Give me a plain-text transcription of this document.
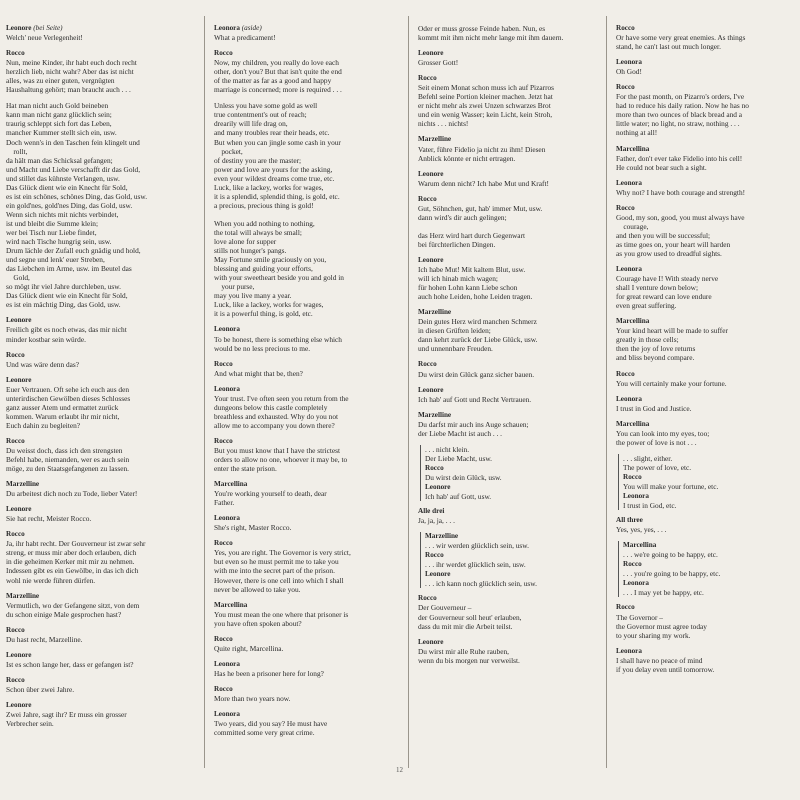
Leonore (bei Seite)
Welch' neue Verlegenheit!
Rocco
Nun, meine Kinder, ihr habt euch doch recht
herzlich lieb, nicht wahr? Aber das ist nicht
alles, was zu einer guten, vergnügten
Haushaltung gehört; man braucht auch . . .
Hat man nicht auch Gold beineben
kann man nicht ganz glücklich sein;
traurig schleppt sich fort das Leben,
mancher Kummer stellt sich ein, usw.
Doch wenn's in den Taschen fein klingelt und
rollt,
da hält man das Schicksal gefangen;
und Macht und Liebe verschafft dir das Gold,
und stillet das kühnste Verlangen, usw.
Das Glück dient wie ein Knecht für Sold,
es ist ein schönes, schönes Ding, das Gold, usw.
ein gold'nes, gold'nes Ding, das Gold, usw.
Wenn sich nichts mit nichts verbindet,
ist und bleibt die Summe klein;
wer bei Tisch nur Liebe findet,
wird nach Tische hungrig sein, usw.
Drum lächle der Zufall euch gnädig und hold,
und segne und lenk' euer Streben,
das Liebchen im Arme, usw. im Beutel das
Gold,
so mögt ihr viel Jahre durchleben, usw.
Das Glück dient wie ein Knecht für Sold,
es ist ein mächtig Ding, das Gold, usw.
Leonore
Freilich gibt es noch etwas, das mir nicht
minder kostbar sein würde.
Rocco
Und was wäre denn das?
Leonore
Euer Vertrauen. Oft sehe ich euch aus den
unterirdischen Gewölben dieses Schlosses
ganz ausser Atem und ermattet zurück
kommen. Warum erlaubt ihr mir nicht,
Euch dahin zu begleiten?
Rocco
Du weisst doch, dass ich den strengsten
Befehl habe, niemanden, wer es auch sein
möge, zu den Staatsgefangenen zu lassen.
Marzelline
Du arbeitest dich noch zu Tode, lieber Vater!
Leonore
Sie hat recht, Meister Rocco.
Rocco
Ja, ihr habt recht. Der Gouverneur ist zwar sehr
streng, er muss mir aber doch erlauben, dich
in die geheimen Kerker mit mir zu nehmen.
Indessen gibt es ein Gewölbe, in das ich dich
wohl nie werde führen dürfen.
Marzelline
Vermutlich, wo der Gefangene sitzt, von dem
du schon einige Male gesprochen hast?
Rocco
Du hast recht, Marzelline.
Leonore
Ist es schon lange her, dass er gefangen ist?
Rocco
Schon über zwei Jahre.
Leonore
Zwei Jahre, sagt ihr? Er muss ein grosser
Verbrecher sein.
Leonora (aside)
What a predicament!
Rocco
Now, my children, you really do love each
other, don't you? But that isn't quite the end
of the matter as far as a good and happy
marriage is concerned; more is required . . .
Unless you have some gold as well
true contentment's out of reach;
drearily will life drag on,
and many troubles rear their heads, etc.
But when you can jingle some cash in your
pocket,
of destiny you are the master;
power and love are yours for the asking,
even your wildest dreams come true, etc.
Luck, like a lackey, works for wages,
it is a splendid, splendid thing, is gold, etc.
a precious, precious thing is gold!

When you add nothing to nothing,
the total will always be small;
love alone for supper
stills not hunger's pangs.
May Fortune smile graciously on you,
blessing and guiding your efforts,
with your sweetheart beside you and gold in
your purse,
may you live many a year.
Luck, like a lackey, works for wages,
it is a powerful thing, is gold, etc.
Leonora
To be honest, there is something else which
would be no less precious to me.
Rocco
And what might that be, then?
Leonora
Your trust. I've often seen you return from the
dungeons below this castle completely
breathless and exhausted. Why do you not
allow me to accompany you down there?
Rocco
But you must know that I have the strictest
orders to allow no one, whoever it may be, to
enter the state prison.
Marcellina
You're working yourself to death, dear
Father.
Leonora
She's right, Master Rocco.
Rocco
Yes, you are right. The Governor is very strict,
but even so he must permit me to take you
with me into the secret part of the prison.
However, there is one cell into which I shall
never be allowed to take you.
Marcellina
You must mean the one where that prisoner is
you have often spoken about?
Rocco
Quite right, Marcellina.
Leonora
Has he been a prisoner here for long?
Rocco
More than two years now.
Leonora
Two years, did you say? He must have
committed some very great crime.
Oder er muss grosse Feinde haben. Nun, es
kommt mit ihm nicht mehr lange mit ihm dauern.
Leonore
Grosser Gott!
Rocco
Seit einem Monat schon muss ich auf Pizarros
Befehl seine Portion kleiner machen. Jetzt hat
er nicht mehr als zwei Unzen schwarzes Brot
und ein wenig Wasser; kein Licht, kein Stroh,
nichts . . . nichts!
Marzelline
Vater, führe Fidelio ja nicht zu ihm! Diesen
Anblick könnte er nicht ertragen.
Leonore
Warum denn nicht? Ich habe Mut und Kraft!
Rocco
Gut, Söhnchen, gut, hab' immer Mut, usw.
dann wird's dir auch gelingen;

das Herz wird hart durch Gegenwart
bei fürchterlichen Dingen.
Leonore
Ich habe Mut! Mit kaltem Blut, usw.
will ich hinab mich wagen;
für hohen Lohn kann Liebe schon
auch hohe Leiden, hohe Leiden tragen.
Marzelline
Dein gutes Herz wird manchen Schmerz
in diesen Grüften leiden;
dann kehrt zurück der Liebe Glück, usw.
und unnennbare Freuden.
Rocco
Du wirst dein Glück ganz sicher bauen.
Leonore
Ich hab' auf Gott und Recht Vertrauen.
Marzelline
Du darfst mir auch ins Auge schauen;
der Liebe Macht ist auch . . .
. . . nicht klein.
Der Liebe Macht, usw.
Rocco
Du wirst dein Glück, usw.
Leonore
Ich hab' auf Gott, usw.
Alle drei
Ja, ja, ja, . . .
Marzelline
. . . wir werden glücklich sein, usw.
Rocco
. . . ihr werdet glücklich sein, usw.
Leonore
. . . ich kann noch glücklich sein, usw.
Rocco
Der Gouverneur –
der Gouverneur soll heut' erlauben,
dass du mit mir die Arbeit teilst.
Leonore
Du wirst mir alle Ruhe rauben,
wenn du bis morgen nur verweilst.
Rocco
Or have some very great enemies. As things
stand, he can't last out much longer.
Leonora
Oh God!
Rocco
For the past month, on Pizarro's orders, I've
had to reduce his daily ration. Now he has no
more than two ounces of black bread and a
little water; no light, no straw, nothing . . .
nothing at all!
Marcellina
Father, don't ever take Fidelio into his cell!
He could not bear such a sight.
Leonora
Why not? I have both courage and strength!
Rocco
Good, my son, good, you must always have
courage,
and then you will be successful;
as time goes on, your heart will harden
as you grow used to dreadful sights.
Leonora
Courage have I! With steady nerve
shall I venture down below;
for great reward can love endure
even great suffering.
Marcellina
Your kind heart will be made to suffer
greatly in those cells;
then the joy of love returns
and bliss beyond compare.
Rocco
You will certainly make your fortune.
Leonora
I trust in God and Justice.
Marcellina
You can look into my eyes, too;
the power of love is not . . .
. . . slight, either.
The power of love, etc.
Rocco
You will make your fortune, etc.
Leonora
I trust in God, etc.
All three
Yes, yes, yes, . . .
Marcellina
. . . we're going to be happy, etc.
Rocco
. . . you're going to be happy, etc.
Leonora
. . . I may yet be happy, etc.
Rocco
The Governor –
the Governor must agree today
to your sharing my work.
Leonora
I shall have no peace of mind
if you delay even until tomorrow.
12
